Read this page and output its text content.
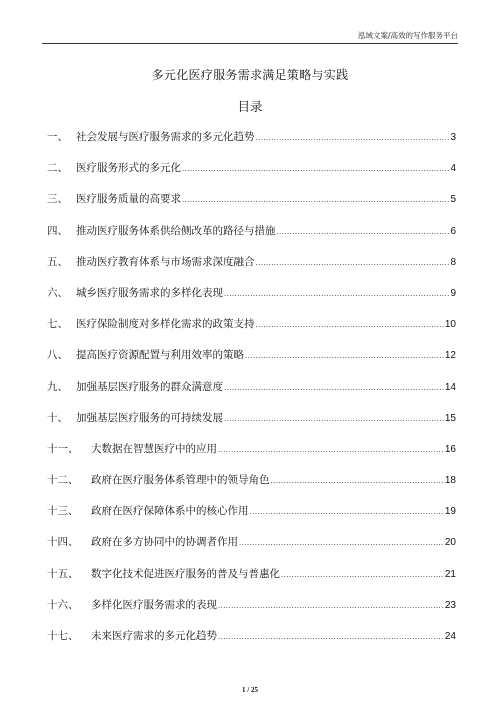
泓域文案/高效的写作服务平台
多元化医疗服务需求满足策略与实践
目录
一、 社会发展与医疗服务需求的多元化趋势 .....	3
二、 医疗服务形式的多元化 .....	4
三、 医疗服务质量的高要求 .....	5
四、 推动医疗服务体系供给侧改革的路径与措施 .....	6
五、 推动医疗教育体系与市场需求深度融合 .....	8
六、 城乡医疗服务需求的多样化表现 .....	9
七、 医疗保险制度对多样化需求的政策支持 .....	10
八、 提高医疗资源配置与利用效率的策略 .....	12
九、 加强基层医疗服务的群众满意度 .....	14
十、 加强基层医疗服务的可持续发展 .....	15
十一、	大数据在智慧医疗中的应用 .....	16
十二、	政府在医疗服务体系管理中的领导角色 .....	18
十三、	政府在医疗保障体系中的核心作用 .....	19
十四、	政府在多方协同中的协调者作用 .....	20
十五、	数字化技术促进医疗服务的普及与普惠化 .....	21
十六、	多样化医疗服务需求的表现 .....	23
十七、	未来医疗需求的多元化趋势 .....	24
1 / 25
